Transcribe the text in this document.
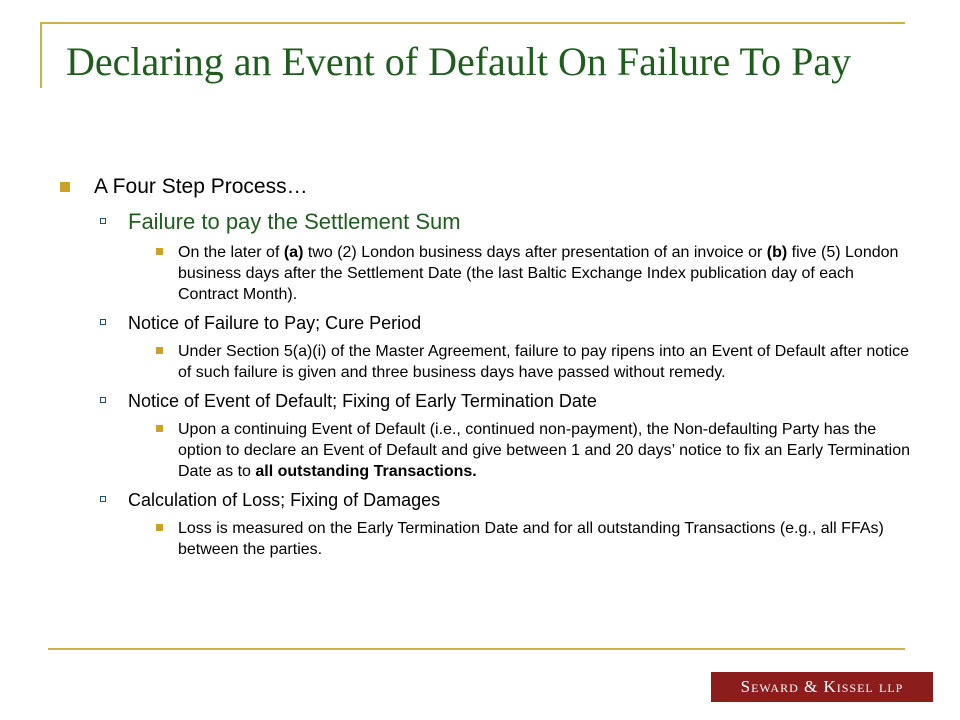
Declaring an Event of Default On Failure To Pay
A Four Step Process…
Failure to pay the Settlement Sum
On the later of (a) two (2) London business days after presentation of an invoice or (b) five (5) London business days after the Settlement Date (the last Baltic Exchange Index publication day of each Contract Month).
Notice of Failure to Pay; Cure Period
Under Section 5(a)(i) of the Master Agreement, failure to pay ripens into an Event of Default after notice of such failure is given and three business days have passed without remedy.
Notice of Event of Default; Fixing of Early Termination Date
Upon a continuing Event of Default (i.e., continued non-payment), the Non-defaulting Party has the option to declare an Event of Default and give between 1 and 20 days’ notice to fix an Early Termination Date as to all outstanding Transactions.
Calculation of Loss; Fixing of Damages
Loss is measured on the Early Termination Date and for all outstanding Transactions (e.g., all FFAs) between the parties.
Seward & Kissel llp
